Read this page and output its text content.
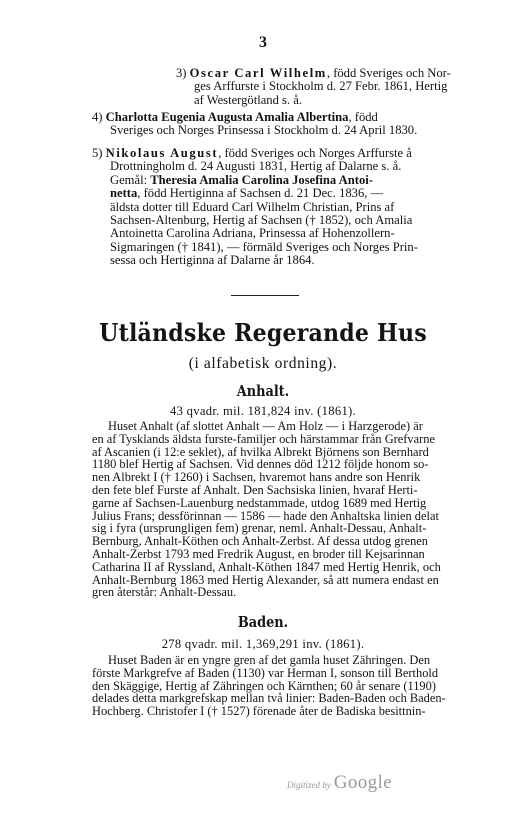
3
3) Oscar Carl Wilhelm, född Sveriges och Nor-
ges Arffurste i Stockholm d. 27 Febr. 1861, Hertig
af Westergötland s. å.
4) Charlotta Eugenia Augusta Amalia Albertina, född
Sveriges och Norges Prinsessa i Stockholm d. 24 April 1830.
5) Nikolaus August, född Sveriges och Norges Arffurste å
Drottningholm d. 24 Augusti 1831, Hertig af Dalarne s. å.
Gemål: Theresia Amalia Carolina Josefina Antoi-
netta, född Hertiginna af Sachsen d. 21 Dec. 1836, —
äldsta dotter till Eduard Carl Wilhelm Christian, Prins af
Sachsen-Altenburg, Hertig af Sachsen († 1852), och Amalia
Antoinetta Carolina Adriana, Prinsessa af Hohenzollern-
Sigmaringen († 1841), — förmäld Sveriges och Norges Prin-
sessa och Hertiginna af Dalarne år 1864.
Utländske Regerande Hus
(i alfabetisk ordning).
Anhalt.
43 qvadr. mil. 181,824 inv. (1861).
Huset Anhalt (af slottet Anhalt — Am Holz — i Harzgerode) är
en af Tysklands äldsta furste-familjer och härstammar från Grefvarne
af Ascanien (i 12:e seklet), af hvilka Albrekt Björnens son Bernhard
1180 blef Hertig af Sachsen. Vid dennes död 1212 följde honom so-
nen Albrekt I († 1260) i Sachsen, hvaremot hans andre son Henrik
den fete blef Furste af Anhalt. Den Sachsiska linien, hvaraf Herti-
garne af Sachsen-Lauenburg nedstammade, utdog 1689 med Hertig
Julius Frans; dessförinnan — 1586 — hade den Anhaltska linien delat
sig i fyra (ursprungligen fem) grenar, neml. Anhalt-Dessau, Anhalt-
Bernburg, Anhalt-Köthen och Anhalt-Zerbst. Af dessa utdog grenen
Anhalt-Zerbst 1793 med Fredrik August, en broder till Kejsarinnan
Catharina II af Ryssland, Anhalt-Köthen 1847 med Hertig Henrik, och
Anhalt-Bernburg 1863 med Hertig Alexander, så att numera endast en
gren återstår: Anhalt-Dessau.
Baden.
278 qvadr. mil. 1,369,291 inv. (1861).
Huset Baden är en yngre gren af det gamla huset Zähringen. Den
förste Markgrefve af Baden (1130) var Herman I, sonson till Berthold
den Skäggige, Hertig af Zähringen och Kärnthen; 60 år senare (1190)
delades detta markgrefskap mellan två linier: Baden-Baden och Baden-
Hochberg. Christofer I († 1527) förenade åter de Badiska besittnin-
Digitized by Google
